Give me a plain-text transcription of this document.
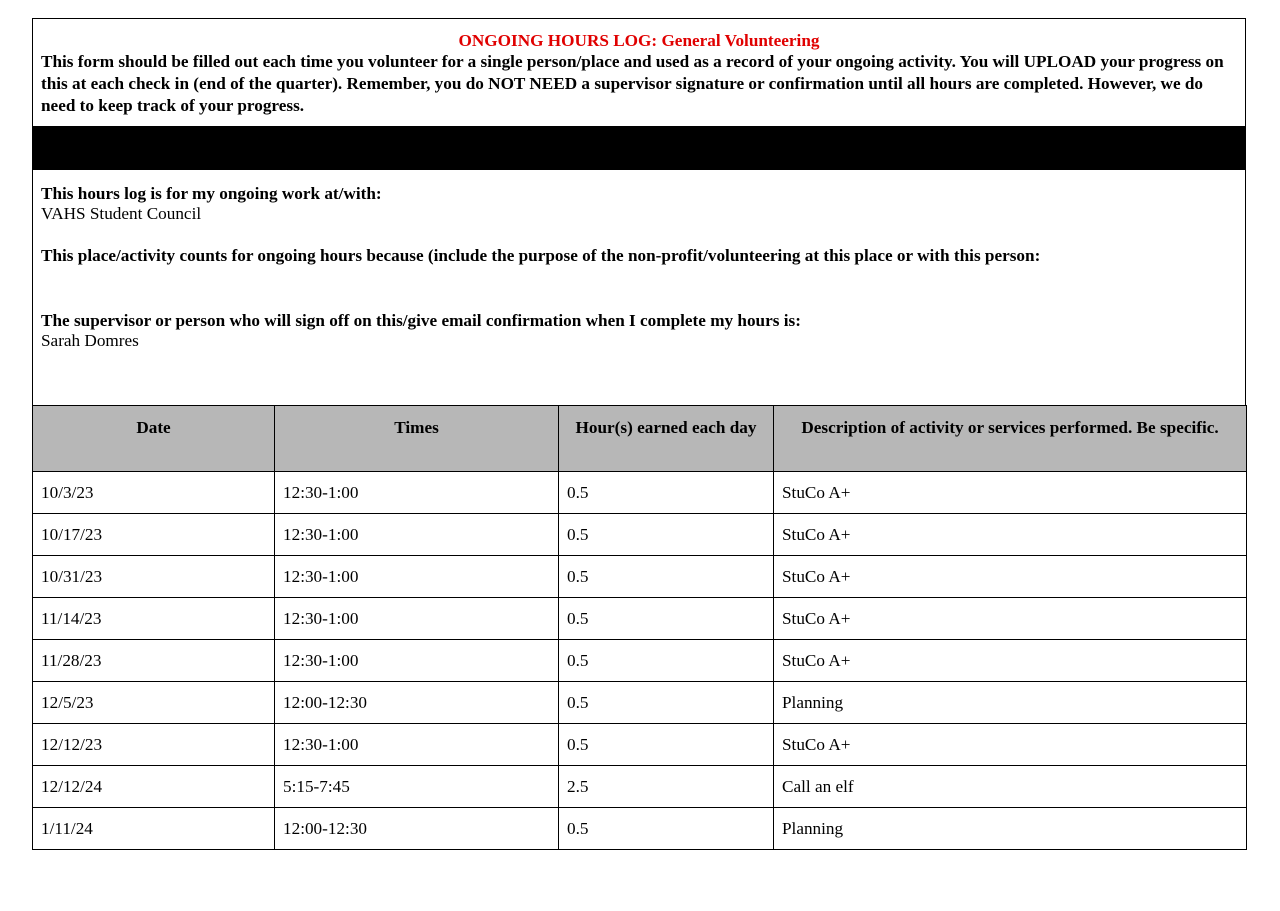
ONGOING HOURS LOG: General Volunteering
This form should be filled out each time you volunteer for a single person/place and used as a record of your ongoing activity. You will UPLOAD your progress on this at each check in (end of the quarter). Remember, you do NOT NEED a supervisor signature or confirmation until all hours are completed. However, we do need to keep track of your progress.
This hours log is for my ongoing work at/with:
VAHS Student Council
This place/activity counts for ongoing hours because (include the purpose of the non-profit/volunteering at this place or with this person:
The supervisor or person who will sign off on this/give email confirmation when I complete my hours is:
Sarah Domres
Date	Times	Hour(s) earned each day	Description of activity or services performed. Be specific.
10/3/23	12:30-1:00	0.5	StuCo A+
10/17/23	12:30-1:00	0.5	StuCo A+
10/31/23	12:30-1:00	0.5	StuCo A+
11/14/23	12:30-1:00	0.5	StuCo A+
11/28/23	12:30-1:00	0.5	StuCo A+
12/5/23	12:00-12:30	0.5	Planning
12/12/23	12:30-1:00	0.5	StuCo A+
12/12/24	5:15-7:45	2.5	Call an elf
1/11/24	12:00-12:30	0.5	Planning
